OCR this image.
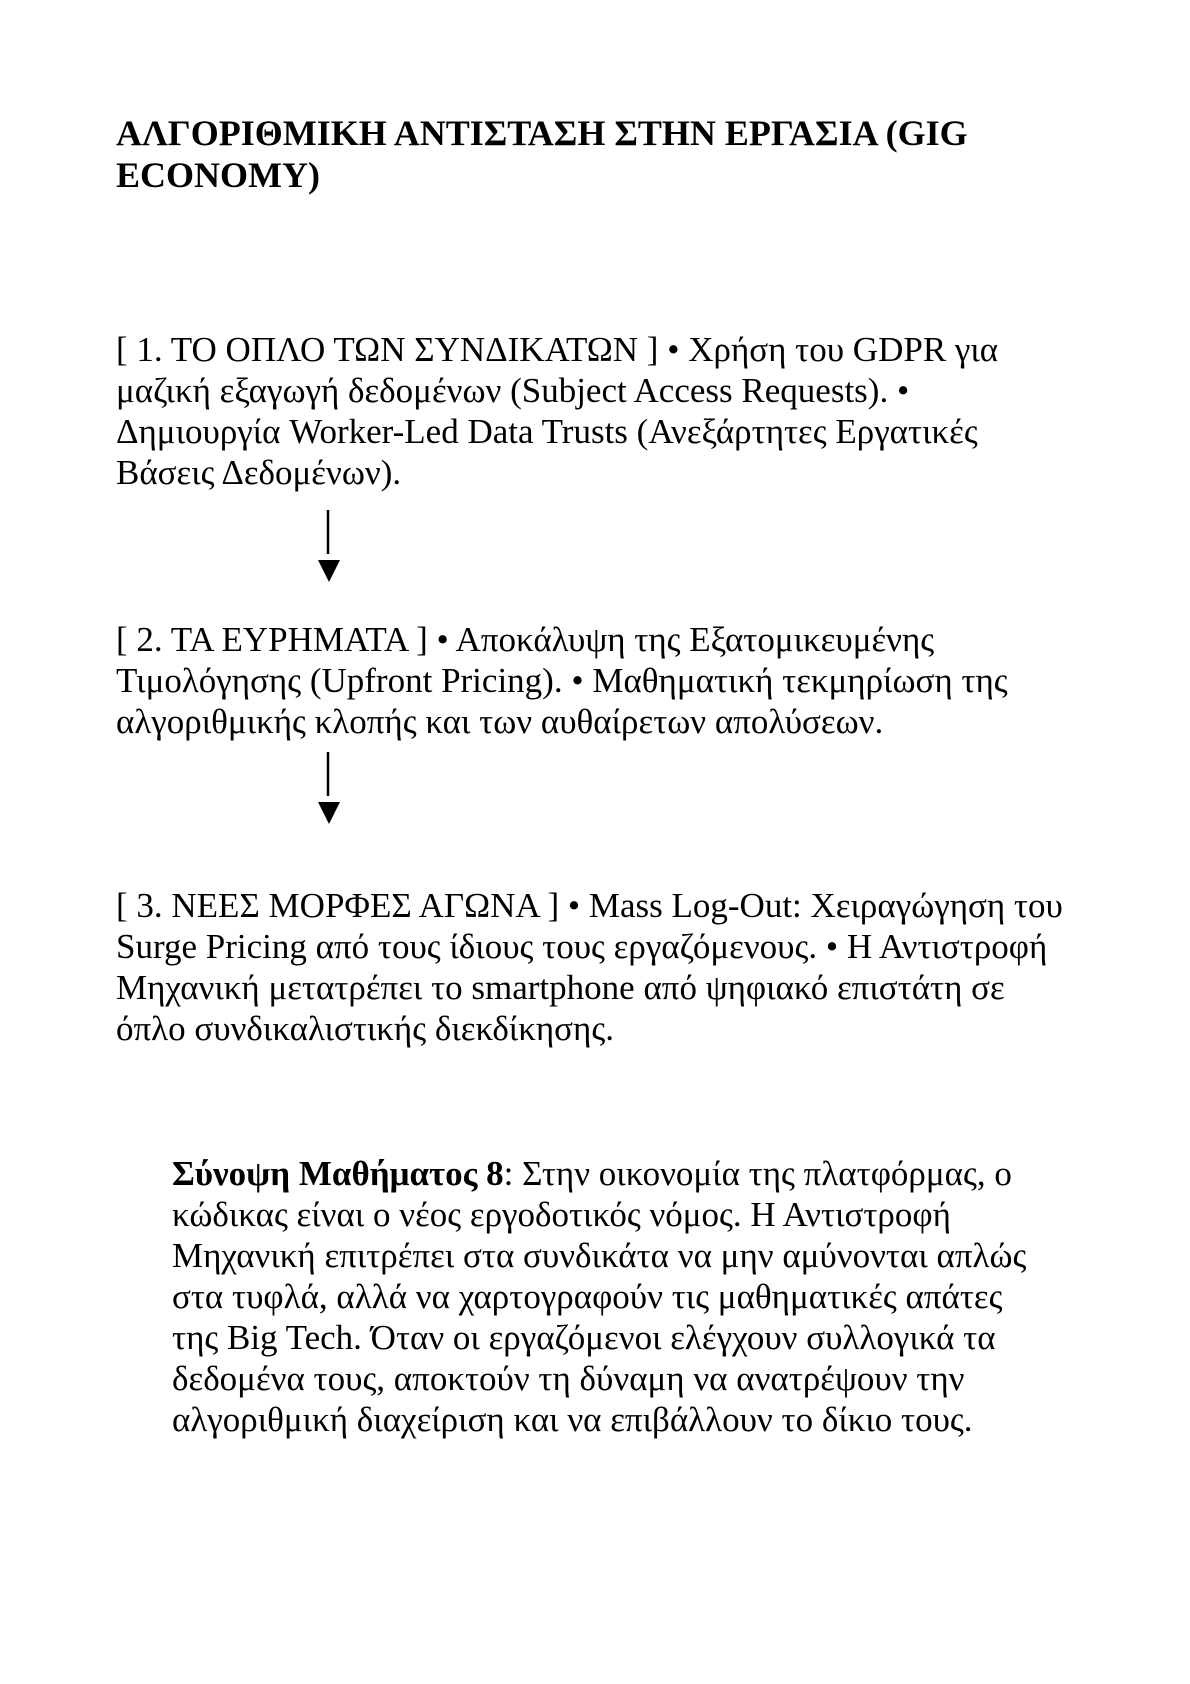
ΑΛΓΟΡΙΘΜΙΚΗ ΑΝΤΙΣΤΑΣΗ ΣΤΗΝ ΕΡΓΑΣΙΑ (GIG ECONOMY)

[ 1. ΤΟ ΟΠΛΟ ΤΩΝ ΣΥΝΔΙΚΑΤΩΝ ] • Χρήση του GDPR για μαζική εξαγωγή δεδομένων (Subject Access Requests). • Δημιουργία Worker-Led Data Trusts (Ανεξάρτητες Εργατικές Βάσεις Δεδομένων).

[ 2. ΤΑ ΕΥΡΗΜΑΤΑ ] • Αποκάλυψη της Εξατομικευμένης Τιμολόγησης (Upfront Pricing). • Μαθηματική τεκμηρίωση της αλγοριθμικής κλοπής και των αυθαίρετων απολύσεων.

[ 3. ΝΕΕΣ ΜΟΡΦΕΣ ΑΓΩΝΑ ] • Mass Log-Out: Χειραγώγηση του Surge Pricing από τους ίδιους τους εργαζόμενους. • Η Αντιστροφή Μηχανική μετατρέπει το smartphone από ψηφιακό επιστάτη σε όπλο συνδικαλιστικής διεκδίκησης.

Σύνοψη Μαθήματος 8: Στην οικονομία της πλατφόρμας, ο κώδικας είναι ο νέος εργοδοτικός νόμος. Η Αντιστροφή Μηχανική επιτρέπει στα συνδικάτα να μην αμύνονται απλώς στα τυφλά, αλλά να χαρτογραφούν τις μαθηματικές απάτες της Big Tech. Όταν οι εργαζόμενοι ελέγχουν συλλογικά τα δεδομένα τους, αποκτούν τη δύναμη να ανατρέψουν την αλγοριθμική διαχείριση και να επιβάλλουν το δίκιο τους.
